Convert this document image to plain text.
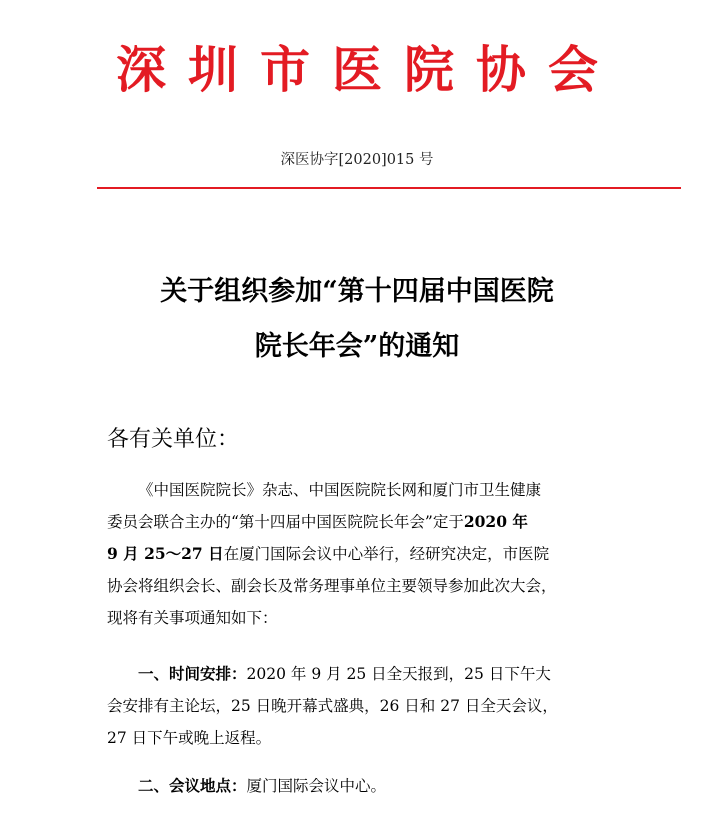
深圳市医院协会
深医协字[2020]015 号
关于组织参加“第十四届中国医院
院长年会”的通知
各有关单位：
《中国医院院长》杂志、中国医院院长网和厦门市卫生健康
委员会联合主办的“第十四届中国医院院长年会”定于2020 年
9 月 25～27 日在厦门国际会议中心举行，经研究决定，市医院
协会将组织会长、副会长及常务理事单位主要领导参加此次大会，
现将有关事项通知如下：
一、时间安排：2020 年 9 月 25 日全天报到，25 日下午大
会安排有主论坛，25 日晚开幕式盛典，26 日和 27 日全天会议，
27 日下午或晚上返程。
二、会议地点：厦门国际会议中心。
